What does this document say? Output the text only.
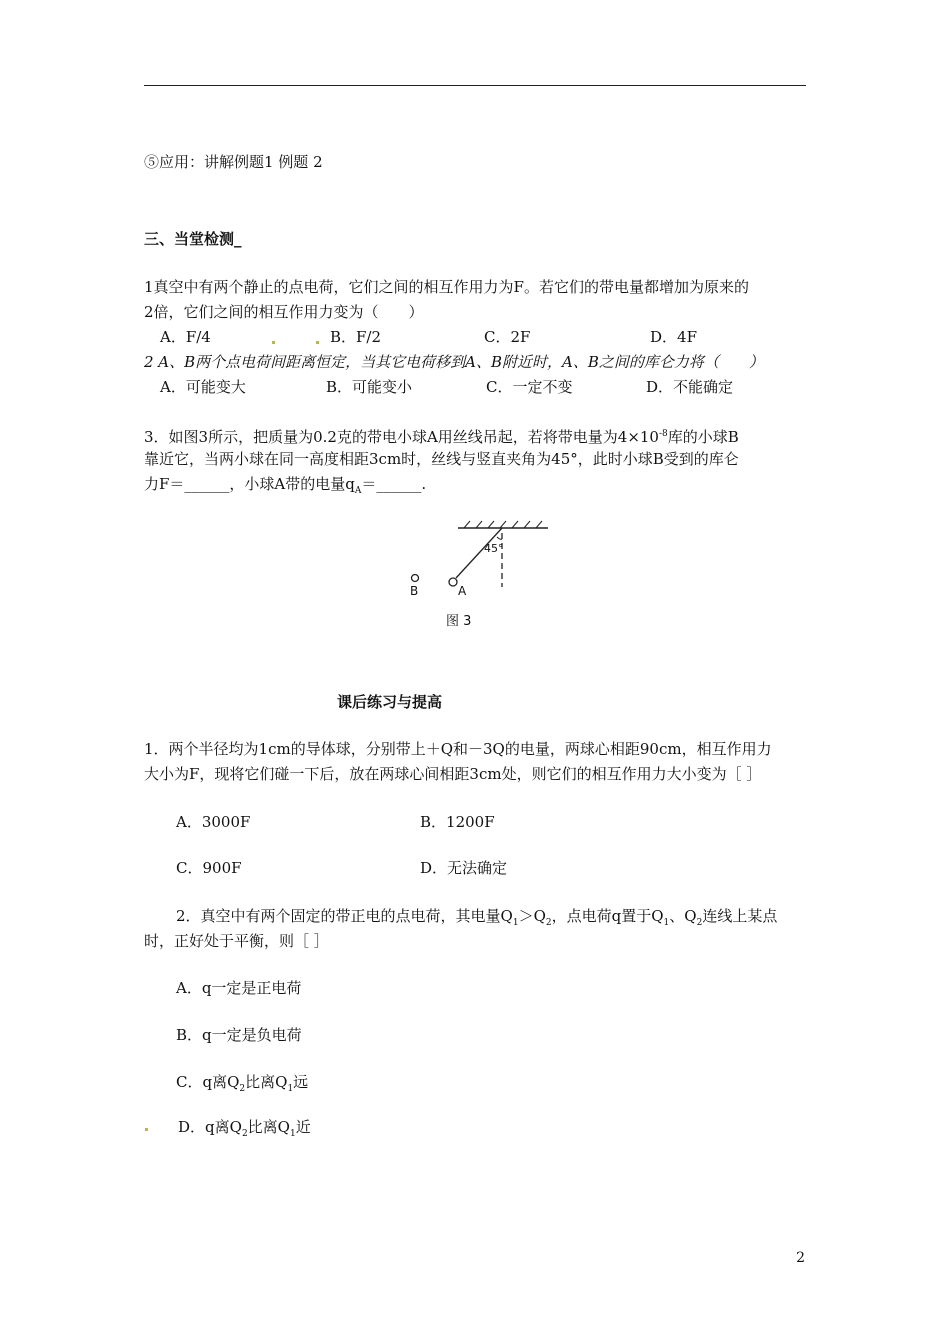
⑤应用：讲解例题1 例题 2
三、当堂检测_
1真空中有两个静止的点电荷，它们之间的相互作用力为F。若它们的带电量都增加为原来的
2倍，它们之间的相互作用力变为（　　）
A．F/4	B．F/2	C．2F	D．4F
2 A、B两个点电荷间距离恒定，当其它电荷移到A、B附近时，A、B之间的库仑力将（　　）
A．可能变大	B．可能变小	C．一定不变	D．不能确定
3．如图3所示，把质量为0.2克的带电小球A用丝线吊起，若将带电量为$4\times 10^{-8}$库的小球B
靠近它，当两小球在同一高度相距3cm时，丝线与竖直夹角为45°，此时小球B受到的库仑
力F＝______，小球A带的电量$q_A=\_\_\_\_\_\_$.
45°
A
B
图 3
课后练习与提高
1．两个半径均为1cm的导体球，分别带上＋Q和－3Q的电量，两球心相距90cm，相互作用力
大小为F，现将它们碰一下后，放在两球心间相距3cm处，则它们的相互作用力大小变为［ ］
A．3000F	B．1200F
C．900F	D．无法确定
2．真空中有两个固定的带正电的点电荷，其电量$Q_1>Q_2$，点电荷q置于$Q_1$、$Q_2$连线上某点
时，正好处于平衡，则［ ］
A．q一定是正电荷
B．q一定是负电荷
C．q离$Q_2$比离$Q_1$远
D．q离$Q_2$比离$Q_1$近
2
